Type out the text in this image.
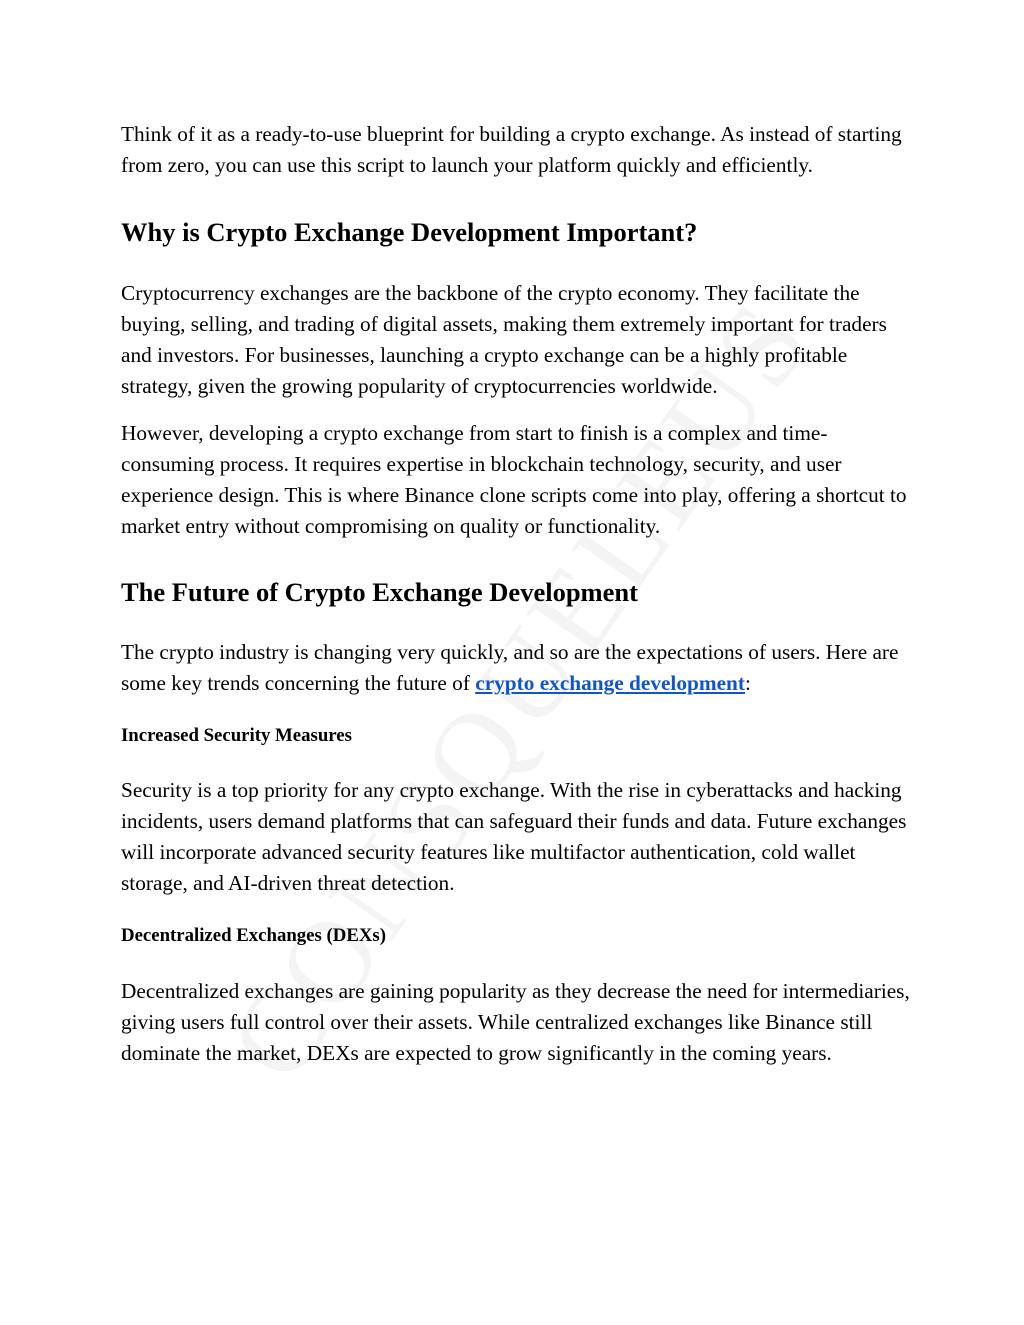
Think of it as a ready-to-use blueprint for building a crypto exchange. As instead of starting from zero, you can use this script to launch your platform quickly and efficiently.

Why is Crypto Exchange Development Important?

Cryptocurrency exchanges are the backbone of the crypto economy. They facilitate the buying, selling, and trading of digital assets, making them extremely important for traders and investors. For businesses, launching a crypto exchange can be a highly profitable strategy, given the growing popularity of cryptocurrencies worldwide.

However, developing a crypto exchange from start to finish is a complex and time-consuming process. It requires expertise in blockchain technology, security, and user experience design. This is where Binance clone scripts come into play, offering a shortcut to market entry without compromising on quality or functionality.

The Future of Crypto Exchange Development

The crypto industry is changing very quickly, and so are the expectations of users. Here are some key trends concerning the future of crypto exchange development:

Increased Security Measures

Security is a top priority for any crypto exchange. With the rise in cyberattacks and hacking incidents, users demand platforms that can safeguard their funds and data. Future exchanges will incorporate advanced security features like multifactor authentication, cold wallet storage, and AI-driven threat detection.

Decentralized Exchanges (DEXs)

Decentralized exchanges are gaining popularity as they decrease the need for intermediaries, giving users full control over their assets. While centralized exchanges like Binance still dominate the market, DEXs are expected to grow significantly in the coming years.
